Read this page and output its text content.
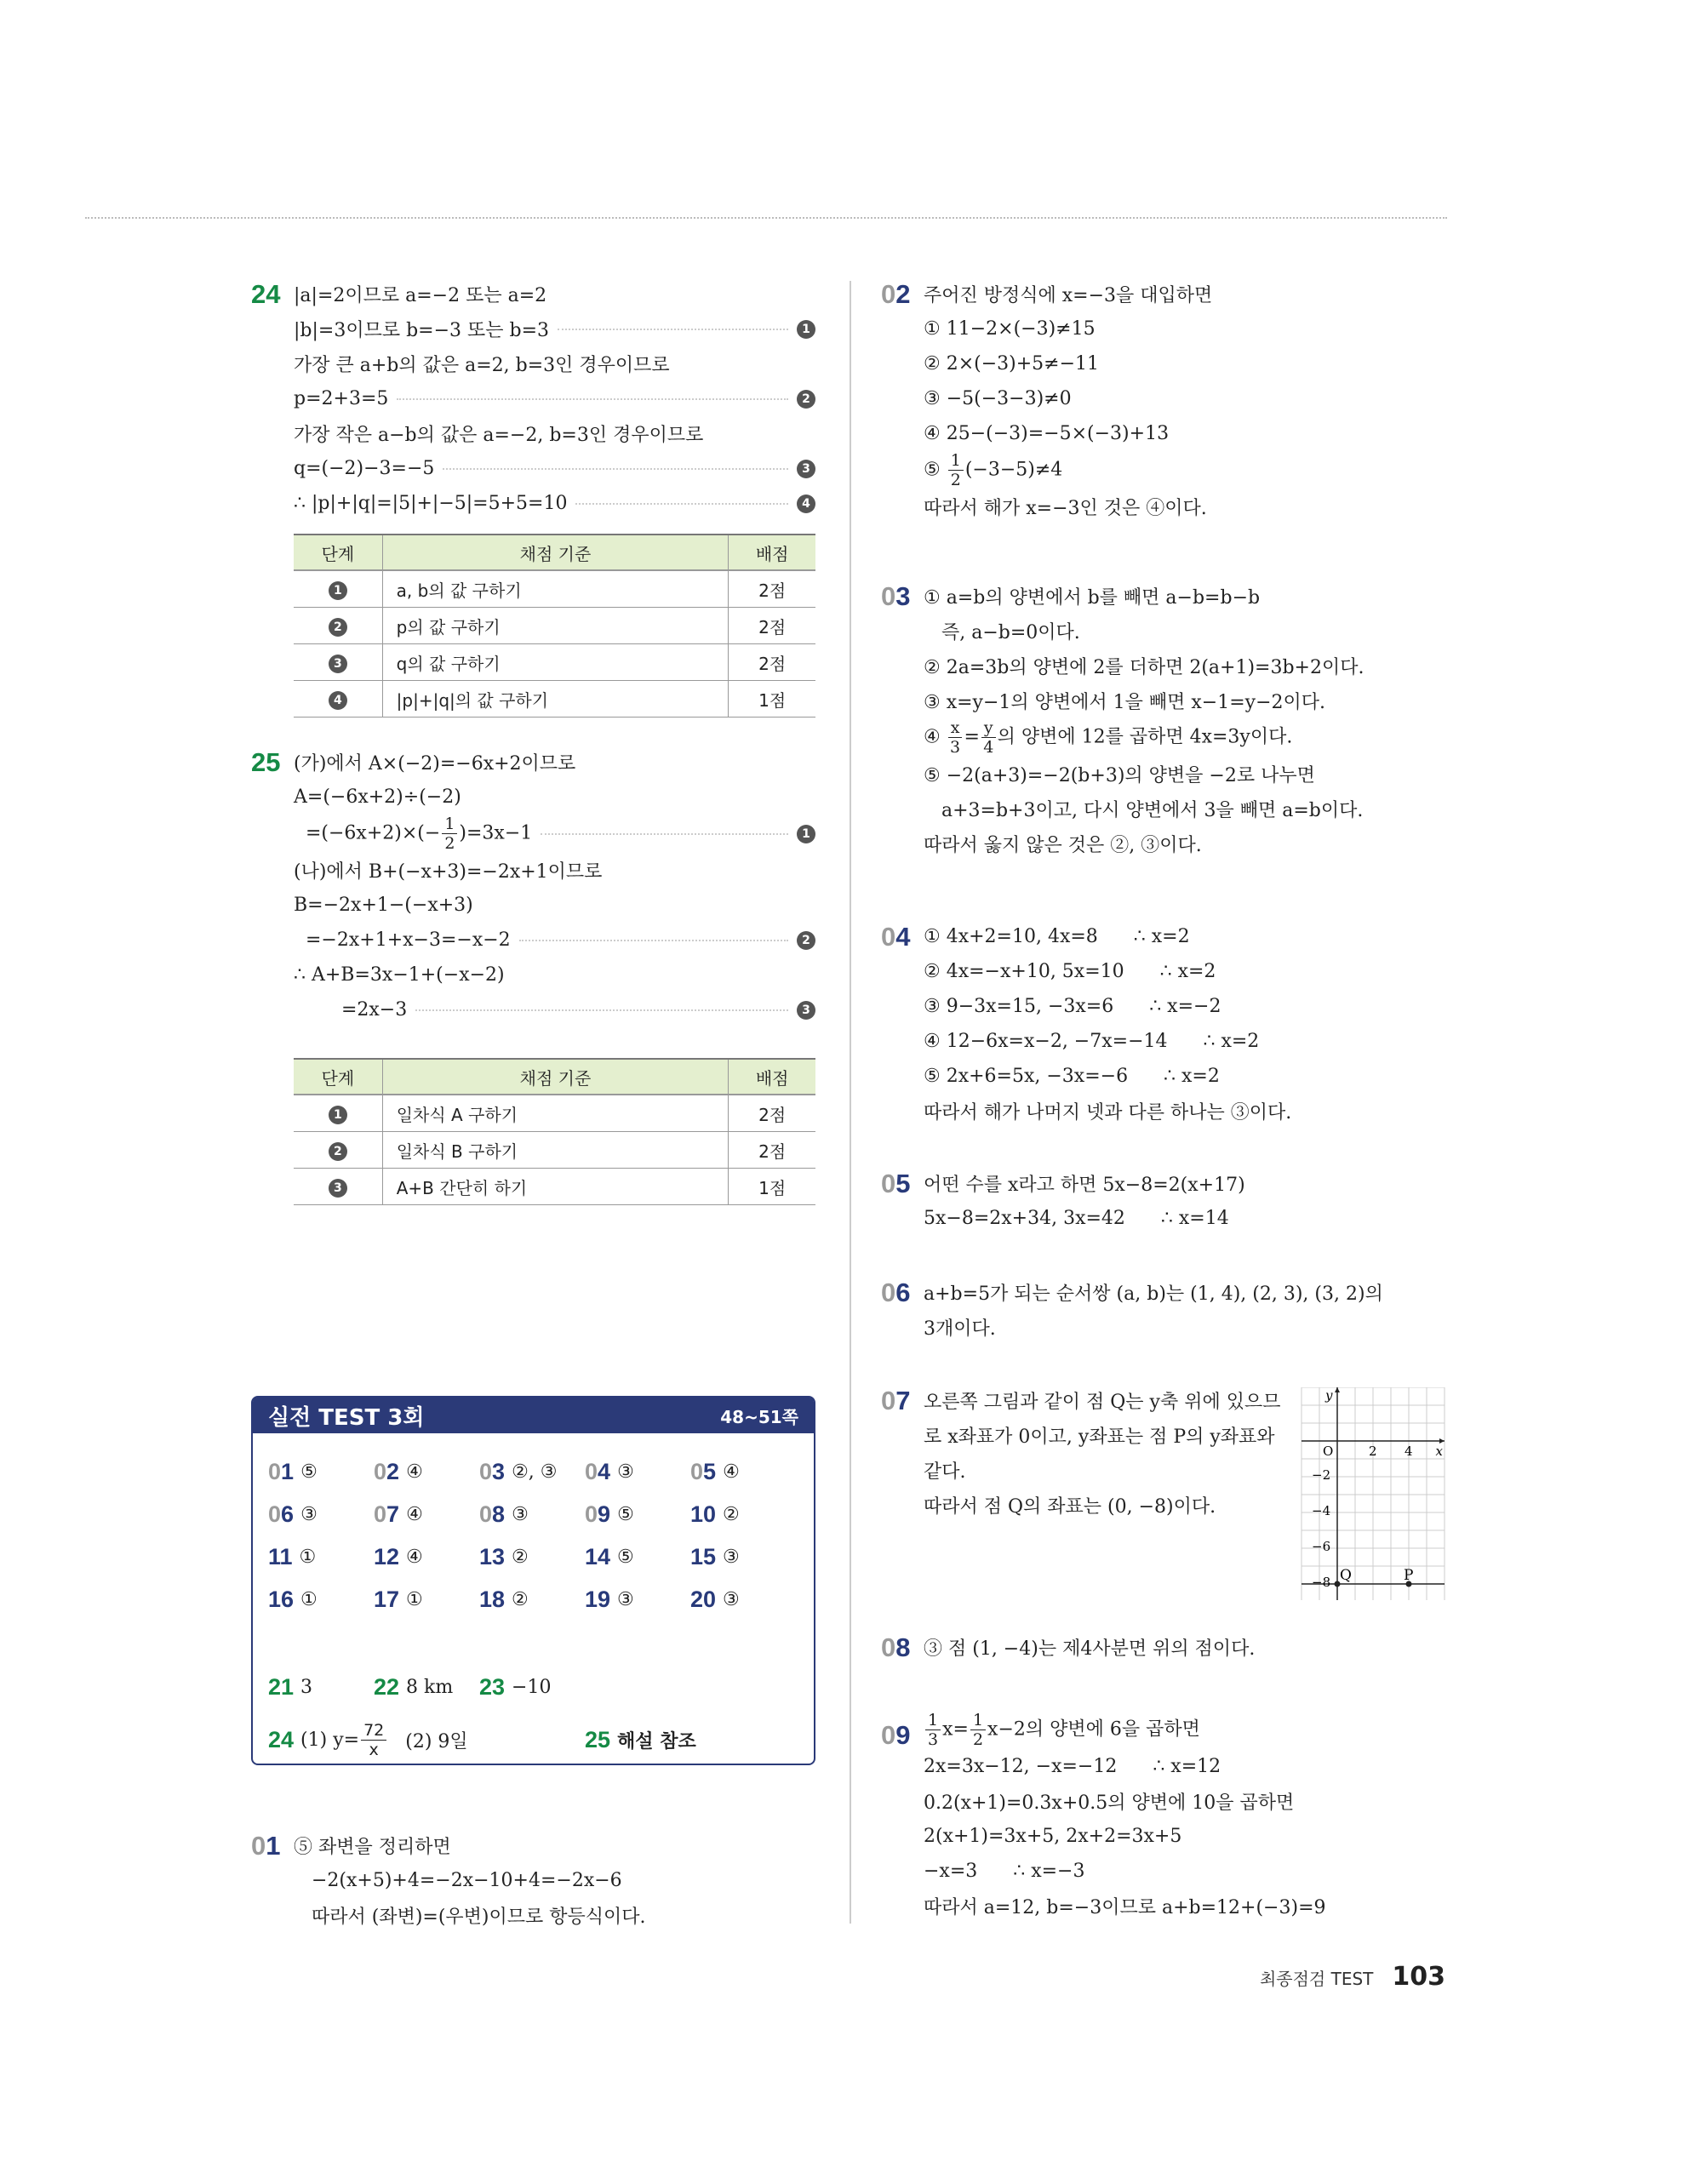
24 |a|=2이므로 a=−2 또는 a=2
|b|=3이므로 b=−3 또는 b=3	1
가장 큰 a+b의 값은 a=2, b=3인 경우이므로
p=2+3=5	2
가장 작은 a−b의 값은 a=−2, b=3인 경우이므로
q=(−2)−3=−5	3
∴ |p|+|q|=|5|+|−5|=5+5=10	4
단계	채점 기준	배점
1	a, b의 값 구하기	2점
2	p의 값 구하기	2점
3	q의 값 구하기	2점
4	|p|+|q|의 값 구하기	1점
25 (가)에서 A×(−2)=−6x+2이므로
A=(−6x+2)÷(−2)
$=(-6x+2)\times(- \frac{1}{2} )=3x-1$	1
(나)에서 B+(−x+3)=−2x+1이므로
B=−2x+1−(−x+3)
=−2x+1+x−3=−x−2	2
∴ A+B=3x−1+(−x−2)
=2x−3	3
단계	채점 기준	배점
1	일차식 A 구하기	2점
2	일차식 B 구하기	2점
3	A+B 간단히 하기	1점
실전 TEST 3회	48~51쪽
01 ⑤ 02 ④ 03 ②, ③ 04 ③ 05 ④
06 ③ 07 ④ 08 ③ 09 ⑤ 10 ②
11 ①	12 ④ 13 ② 14 ⑤ 15 ③
16 ① 17 ① 18 ② 19 ③ 20 ③
21 3	22 8 km 23 −10
24 (1) $y= \frac{72}{x} (2)$ 9일	25 해설 참조
01 ⑤ 좌변을 정리하면
−2(x+5)+4=−2x−10+4=−2x−6
따라서 (좌변)=(우변)이므로 항등식이다.
02 주어진 방정식에 x=−3을 대입하면
① 11−2×(−3)≠15
② 2×(−3)+5≠−11
③ −5(−3−3)≠0
④ 25−(−3)=−5×(−3)+13
⑤ $\frac{1}{2} (-3-5)\ne 4$
따라서 해가 x=−3인 것은 ④이다.
03 ① a=b의 양변에서 b를 빼면 a−b=b−b
즉, a−b=0이다.
② 2a=3b의 양변에 2를 더하면 2(a+1)=3b+2이다.
③ x=y−1의 양변에서 1을 빼면 x−1=y−2이다.
④ $\frac{x}{3} = \frac{y}{4}$ 의 양변에 12를 곱하면 4x=3y이다.
⑤ −2(a+3)=−2(b+3)의 양변을 −2로 나누면
a+3=b+3이고, 다시 양변에서 3을 빼면 a=b이다.
따라서 옳지 않은 것은 ②, ③이다.
04 ① 4x+2=10, 4x=8      ∴ x=2
② 4x=−x+10, 5x=10      ∴ x=2
③ 9−3x=15, −3x=6      ∴ x=−2
④ 12−6x=x−2, −7x=−14      ∴ x=2
⑤ 2x+6=5x, −3x=−6      ∴ x=2
따라서 해가 나머지 넷과 다른 하나는 ③이다.
05 어떤 수를 x라고 하면 5x−8=2(x+17)
5x−8=2x+34, 3x=42      ∴ x=14
06 a+b=5가 되는 순서쌍 (a, b)는 (1, 4), (2, 3), (3, 2)의
3개이다.
07 오른쪽 그림과 같이 점 Q는 y축 위에 있으므
로 x좌표가 0이고, y좌표는 점 P의 y좌표와
같다.
따라서 점 Q의 좌표는 (0, −8)이다.
x
y
O	2 4
−2
−4
−6
−8 Q	P
08 ③ 점 (1, −4)는 제4사분면 위의 점이다.
$09 \frac{1}{3} x= \frac{1}{2} x-2$의 양변에 6을 곱하면
2x=3x−12, −x=−12      ∴ x=12
0.2(x+1)=0.3x+0.5의 양변에 10을 곱하면
2(x+1)=3x+5, 2x+2=3x+5
−x=3      ∴ x=−3
따라서 a=12, b=−3이므로 a+b=12+(−3)=9
최종점검 TEST 103
